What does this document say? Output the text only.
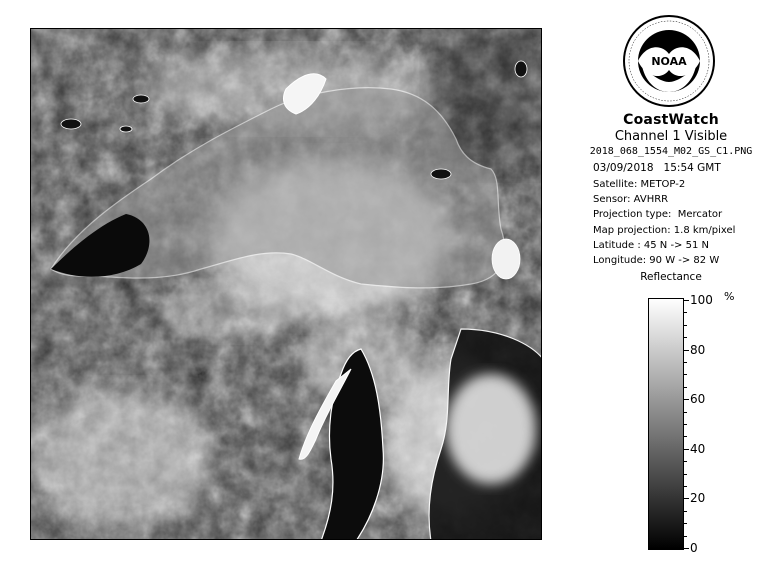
NOAA
CoastWatch
Channel 1 Visible
2018_068_1554_M02_GS_C1.PNG
03/09/2018 15:54 GMT
Satellite: METOP-2
Sensor: AVHRR
Projection type:  Mercator
Map projection: 1.8 km/pixel
Latitude : 45 N -> 51 N
Longitude: 90 W -> 82 W
Reflectance
%
100
80
60
40
20
0
